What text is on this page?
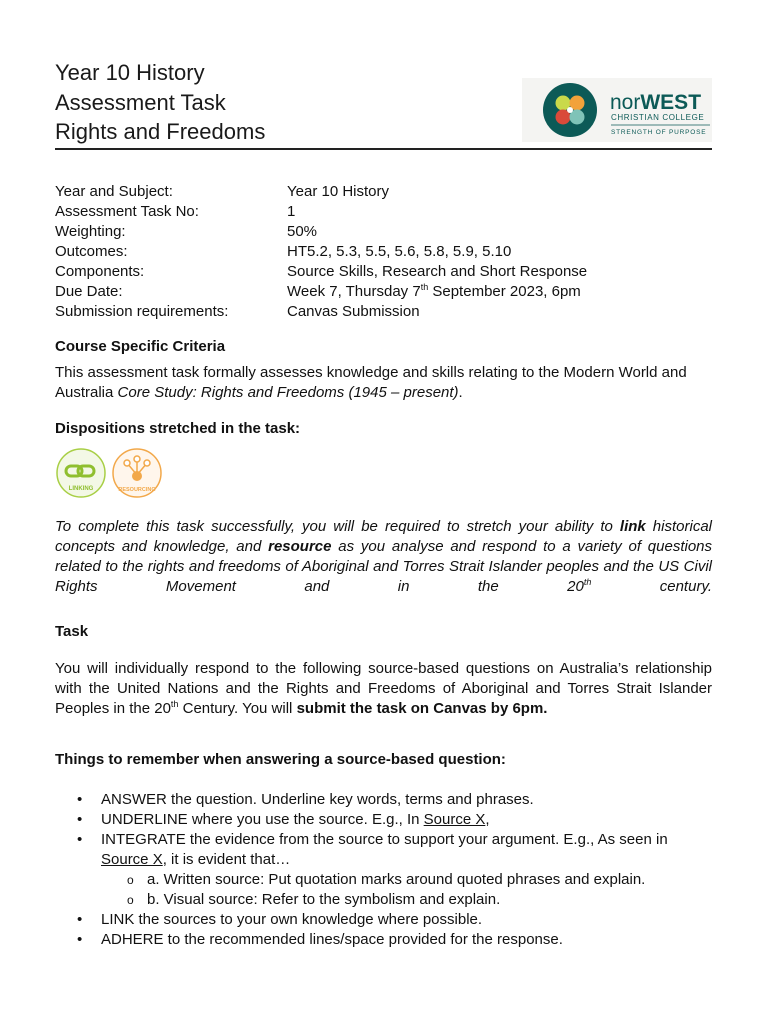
Year 10 History
Assessment Task
Rights and Freedoms
norWEST
CHRISTIAN COLLEGE
STRENGTH OF PURPOSE
Year and Subject:	Year 10 History
Assessment Task No:	1
Weighting:	50%
Outcomes:	HT5.2, 5.3, 5.5, 5.6, 5.8, 5.9, 5.10
Components:	Source Skills, Research and Short Response
Due Date:	Week 7, Thursday 7th September 2023, 6pm
Submission requirements:	Canvas Submission
Course Specific Criteria
This assessment task formally assesses knowledge and skills relating to the Modern World and Australia Core Study: Rights and Freedoms (1945 – present).
Dispositions stretched in the task:
LINKING	RESOURCING
To complete this task successfully, you will be required to stretch your ability to link historical concepts and knowledge, and resource as you analyse and respond to a variety of questions related to the rights and freedoms of Aboriginal and Torres Strait Islander peoples and the US Civil Rights Movement and in the 20th century.
Task
You will individually respond to the following source-based questions on Australia’s relationship with the United Nations and the Rights and Freedoms of Aboriginal and Torres Strait Islander Peoples in the 20th Century. You will submit the task on Canvas by 6pm.
Things to remember when answering a source-based question:
• ANSWER the question. Underline key words, terms and phrases.
• UNDERLINE where you use the source. E.g., In Source X,
• INTEGRATE the evidence from the source to support your argument. E.g., As seen in Source X, it is evident that…
o a. Written source: Put quotation marks around quoted phrases and explain.
o b. Visual source: Refer to the symbolism and explain.
• LINK the sources to your own knowledge where possible.
• ADHERE to the recommended lines/space provided for the response.
